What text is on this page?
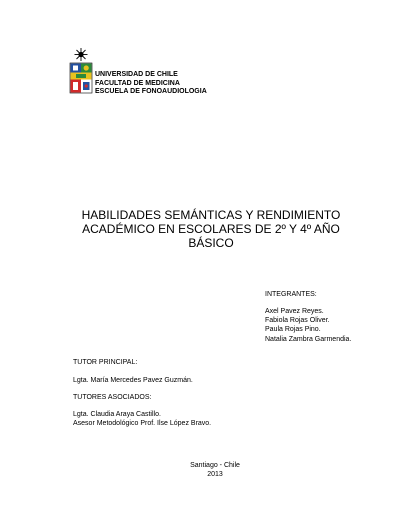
UNIVERSIDAD DE CHILE
FACULTAD DE MEDICINA
ESCUELA DE FONOAUDIOLOGIA
HABILIDADES SEMÁNTICAS Y RENDIMIENTO
ACADÉMICO EN ESCOLARES DE 2º Y 4º AÑO
BÁSICO
INTEGRANTES:
Axel Pavez Reyes.
Fabiola Rojas Oliver.
Paula Rojas Pino.
Natalia Zambra Garmendia.
TUTOR PRINCIPAL:
Lgta. María Mercedes Pavez Guzmán.
TUTORES ASOCIADOS:
Lgta. Claudia Araya Castillo.
Asesor Metodológico Prof. Ilse López Bravo.
Santiago - Chile
2013
